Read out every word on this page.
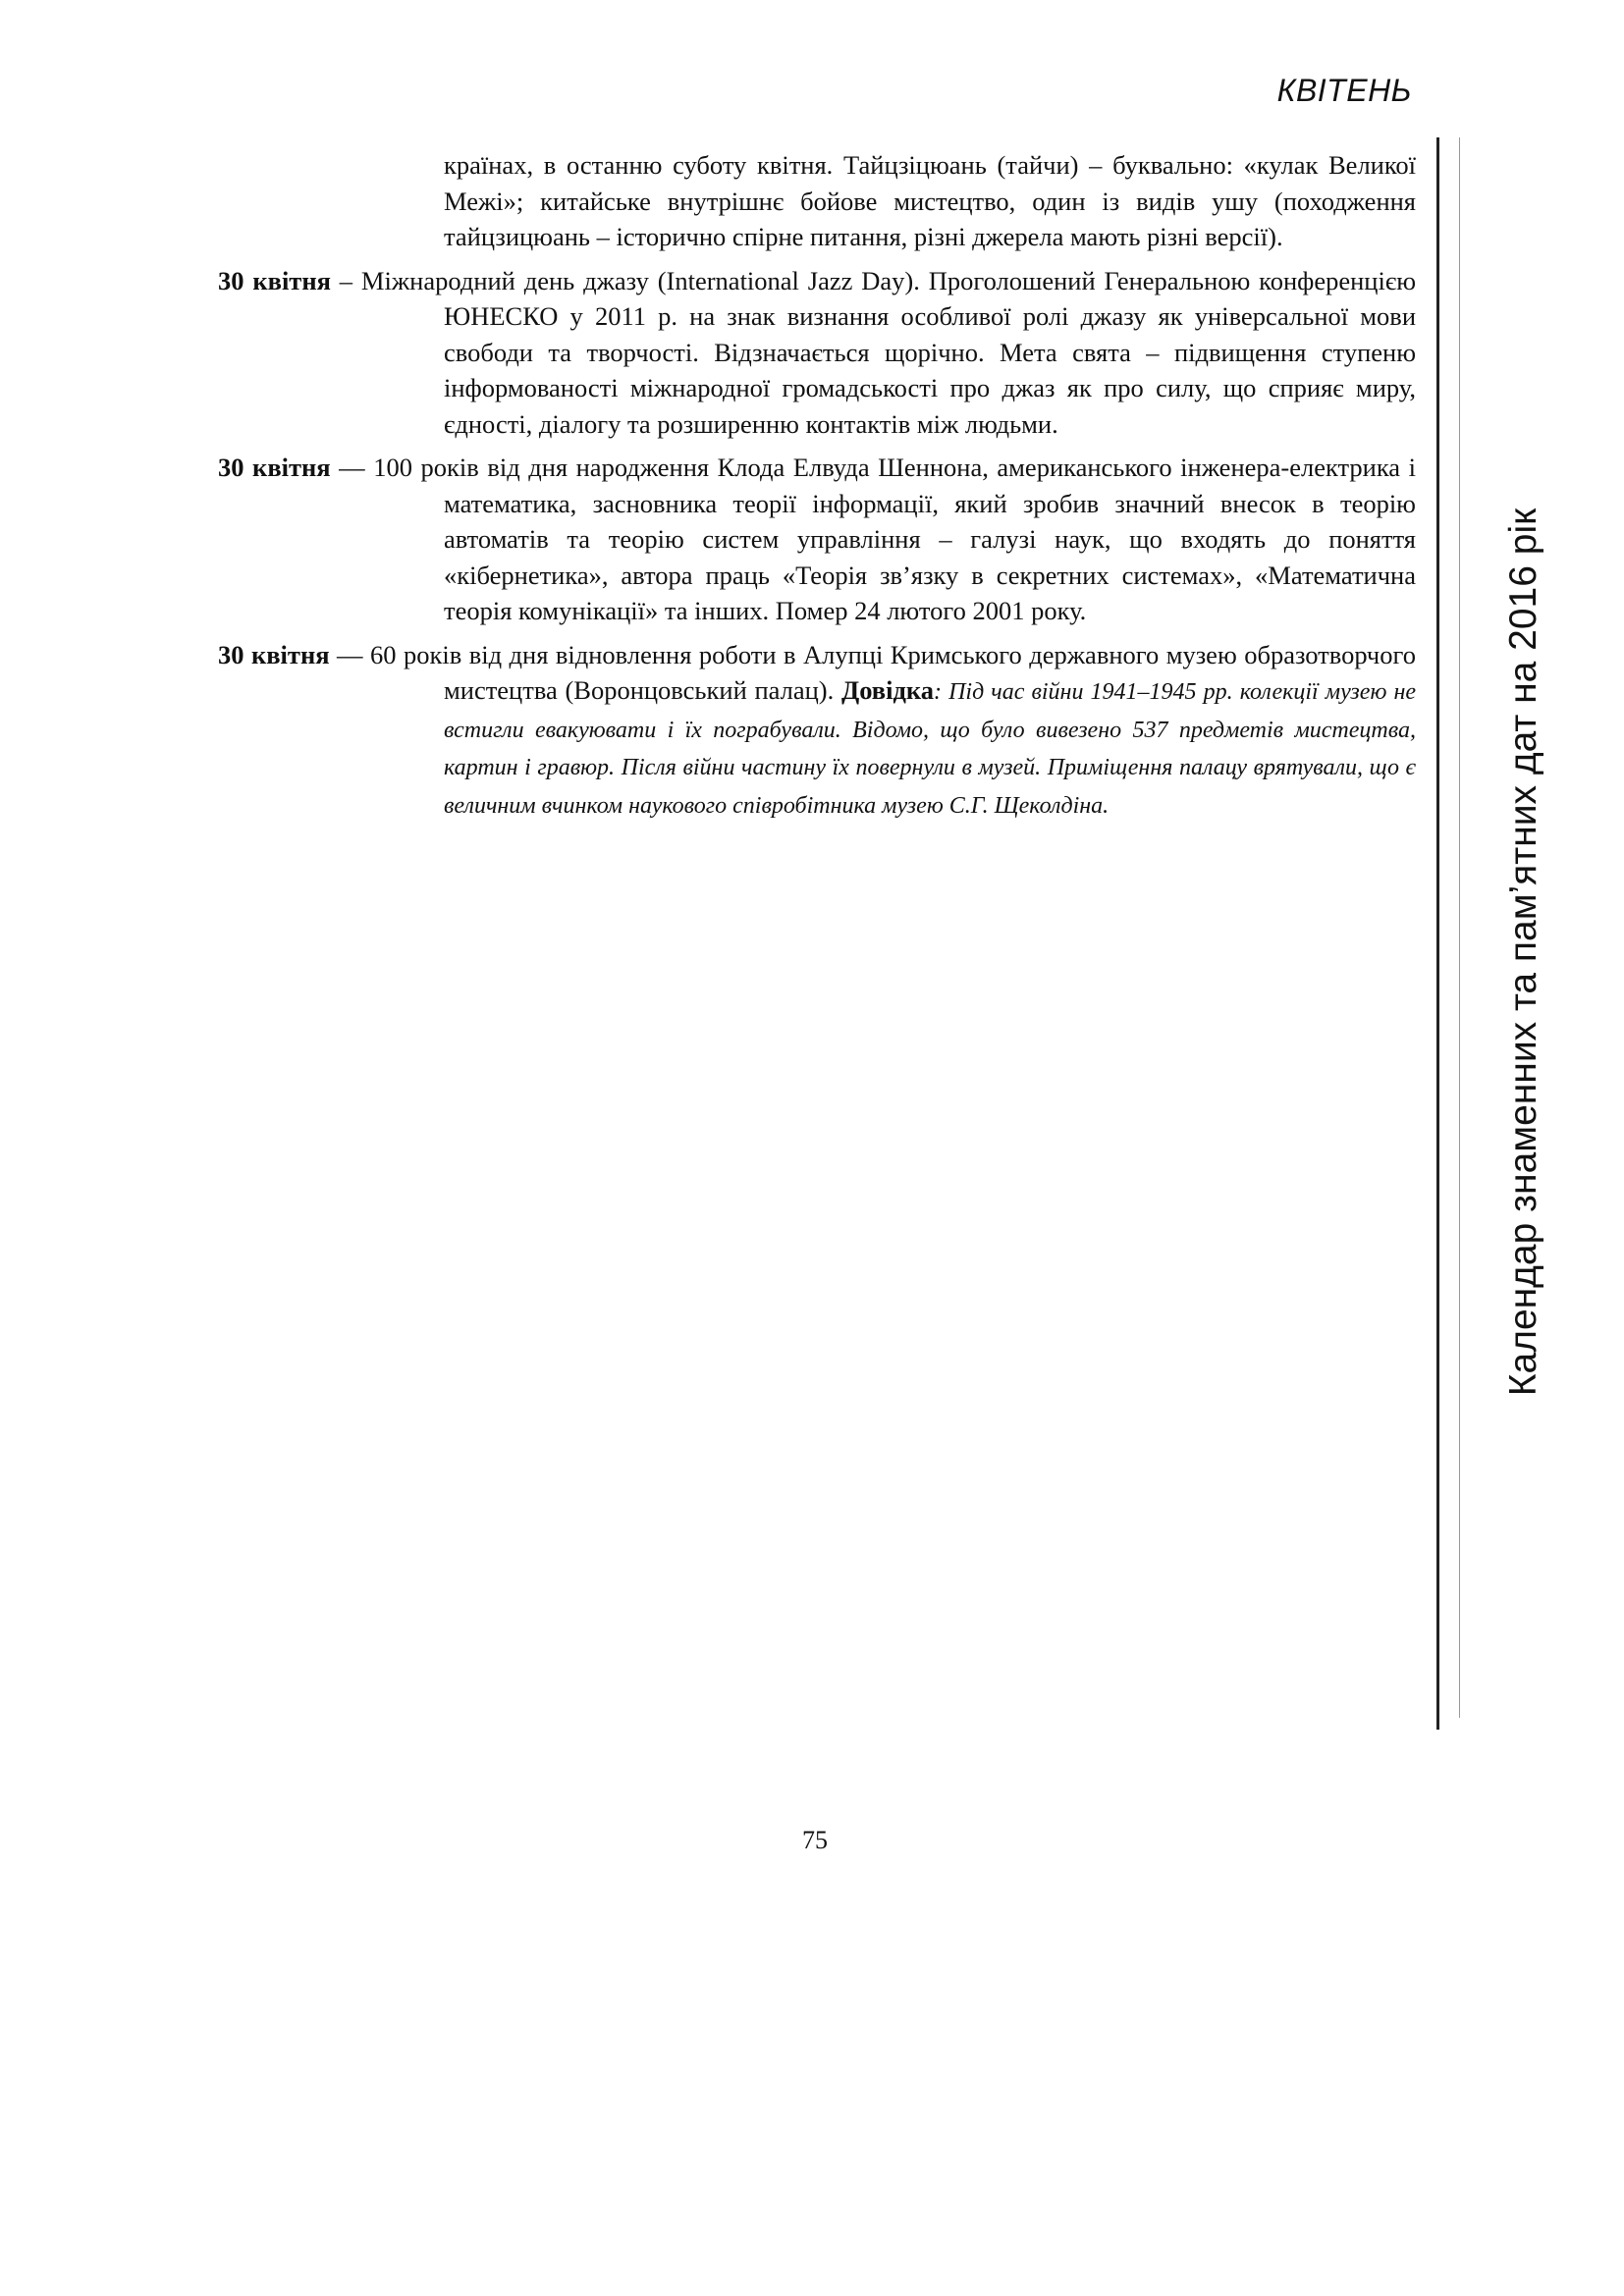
КВІТЕНЬ
Календар знаменних та пам’ятних дат на 2016 рік

країнах, в останню суботу квітня. Тайцзіцюань (тайчи) – буквально: «кулак Великої Межі»; китайське внутрішнє бойове мистецтво, один із видів ушу (походження тайцзицюань – історично спірне питання, різні джерела мають різні версії).

30 квітня – Міжнародний день джазу (International Jazz Day). Проголошений Генеральною конференцією ЮНЕСКО у 2011 р. на знак визнання особливої ролі джазу як універсальної мови свободи та творчості. Відзначається щорічно. Мета свята – підвищення ступеню інформованості міжнародної громадськості про джаз як про силу, що сприяє миру, єдності, діалогу та розширенню контактів між людьми.

30 квітня — 100 років від дня народження Клода Елвуда Шеннона, американського інженера-електрика і математика, засновника теорії інформації, який зробив значний внесок в теорію автоматів та теорію систем управління – галузі наук, що входять до поняття «кібернетика», автора праць «Теорія зв’язку в секретних системах», «Математична теорія комунікації» та інших. Помер 24 лютого 2001 року.

30 квітня — 60 років від дня відновлення роботи в Алупці Кримського державного музею образотворчого мистецтва (Воронцовський палац). Довідка: Під час війни 1941–1945 рр. колекції музею не встигли евакуювати і їх пограбували. Відомо, що було вивезено 537 предметів мистецтва, картин і гравюр. Після війни частину їх повернули в музей. Приміщення палацу врятували, що є величним вчинком наукового співробітника музею С.Г. Щеколдіна.

75
